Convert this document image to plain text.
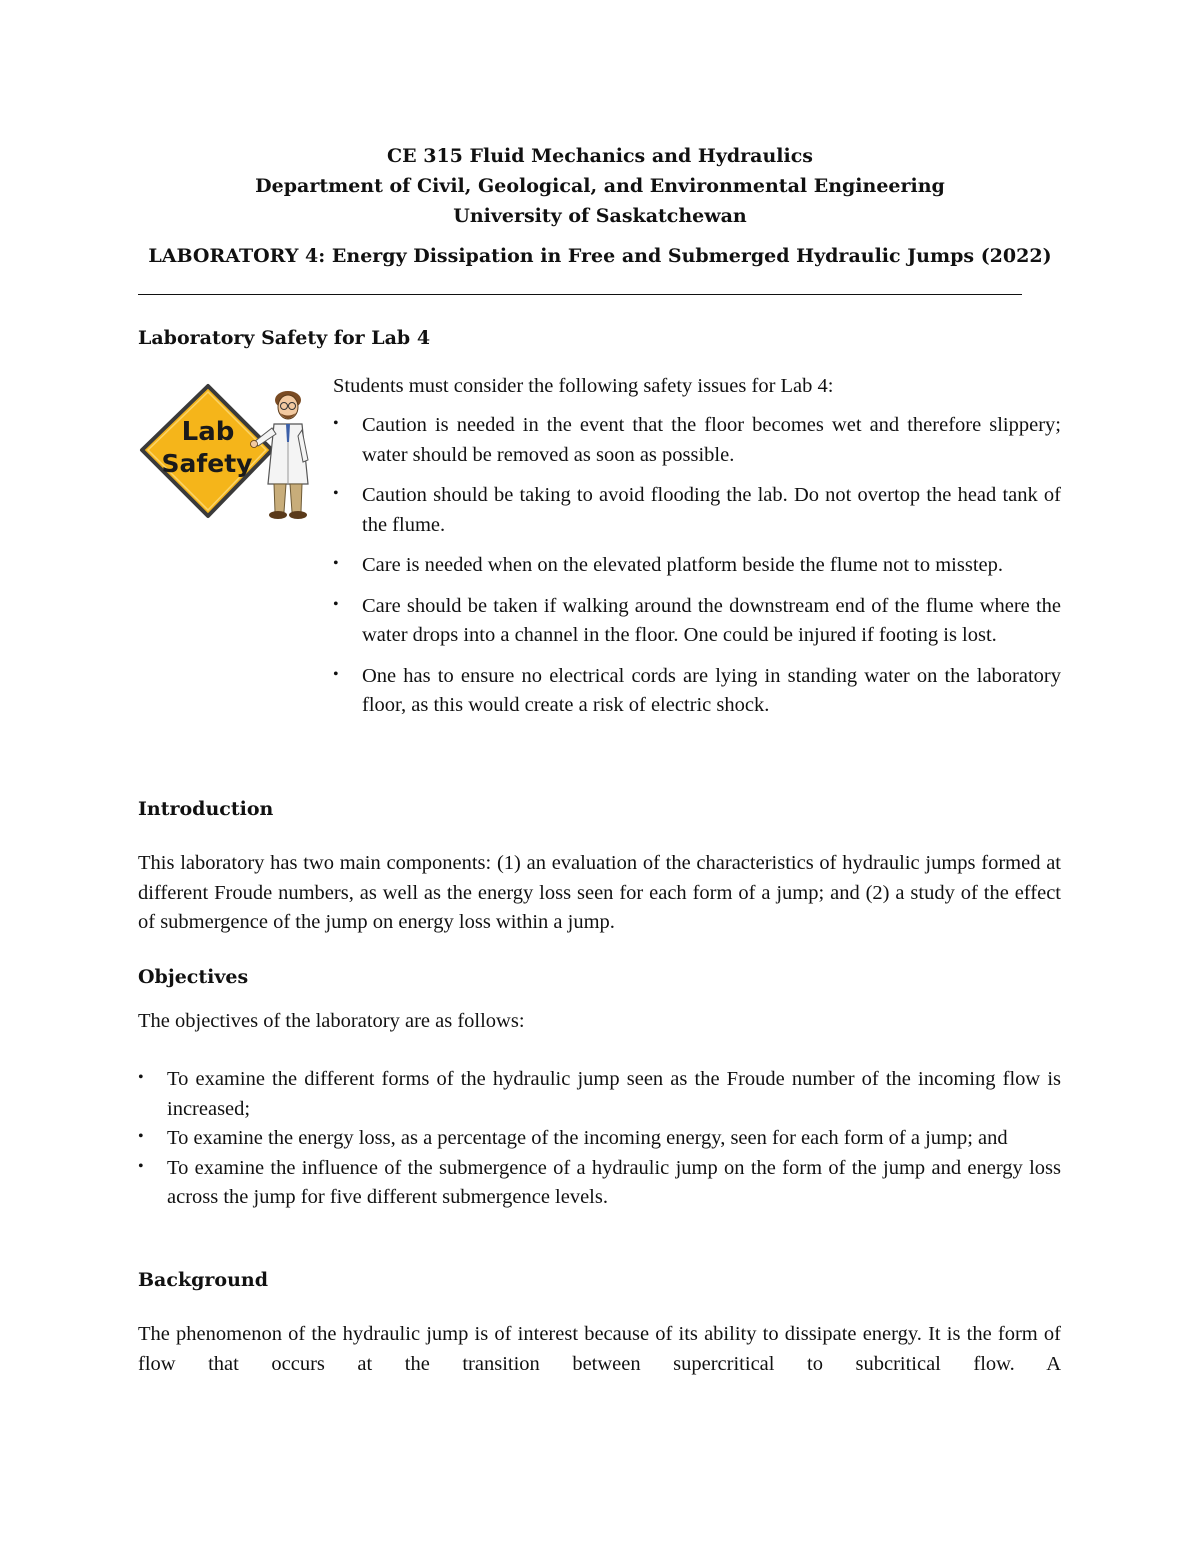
CE 315 Fluid Mechanics and Hydraulics
Department of Civil, Geological, and Environmental Engineering
University of Saskatchewan
LABORATORY 4: Energy Dissipation in Free and Submerged Hydraulic Jumps (2022)
Laboratory Safety for Lab 4
Lab
Safety
Students must consider the following safety issues for Lab 4:
• Caution is needed in the event that the floor becomes wet and therefore slippery; water should be removed as soon as possible.
• Caution should be taking to avoid flooding the lab. Do not overtop the head tank of the flume.
• Care is needed when on the elevated platform beside the flume not to misstep.
• Care should be taken if walking around the downstream end of the flume where the water drops into a channel in the floor. One could be injured if footing is lost.
• One has to ensure no electrical cords are lying in standing water on the laboratory floor, as this would create a risk of electric shock.
Introduction
This laboratory has two main components: (1) an evaluation of the characteristics of hydraulic jumps formed at different Froude numbers, as well as the energy loss seen for each form of a jump; and (2) a study of the effect of submergence of the jump on energy loss within a jump.
Objectives
The objectives of the laboratory are as follows:
• To examine the different forms of the hydraulic jump seen as the Froude number of the incoming flow is increased;
• To examine the energy loss, as a percentage of the incoming energy, seen for each form of a jump; and
• To examine the influence of the submergence of a hydraulic jump on the form of the jump and energy loss across the jump for five different submergence levels.
Background
The phenomenon of the hydraulic jump is of interest because of its ability to dissipate energy. It is the form of flow that occurs at the transition between supercritical to subcritical flow. A
